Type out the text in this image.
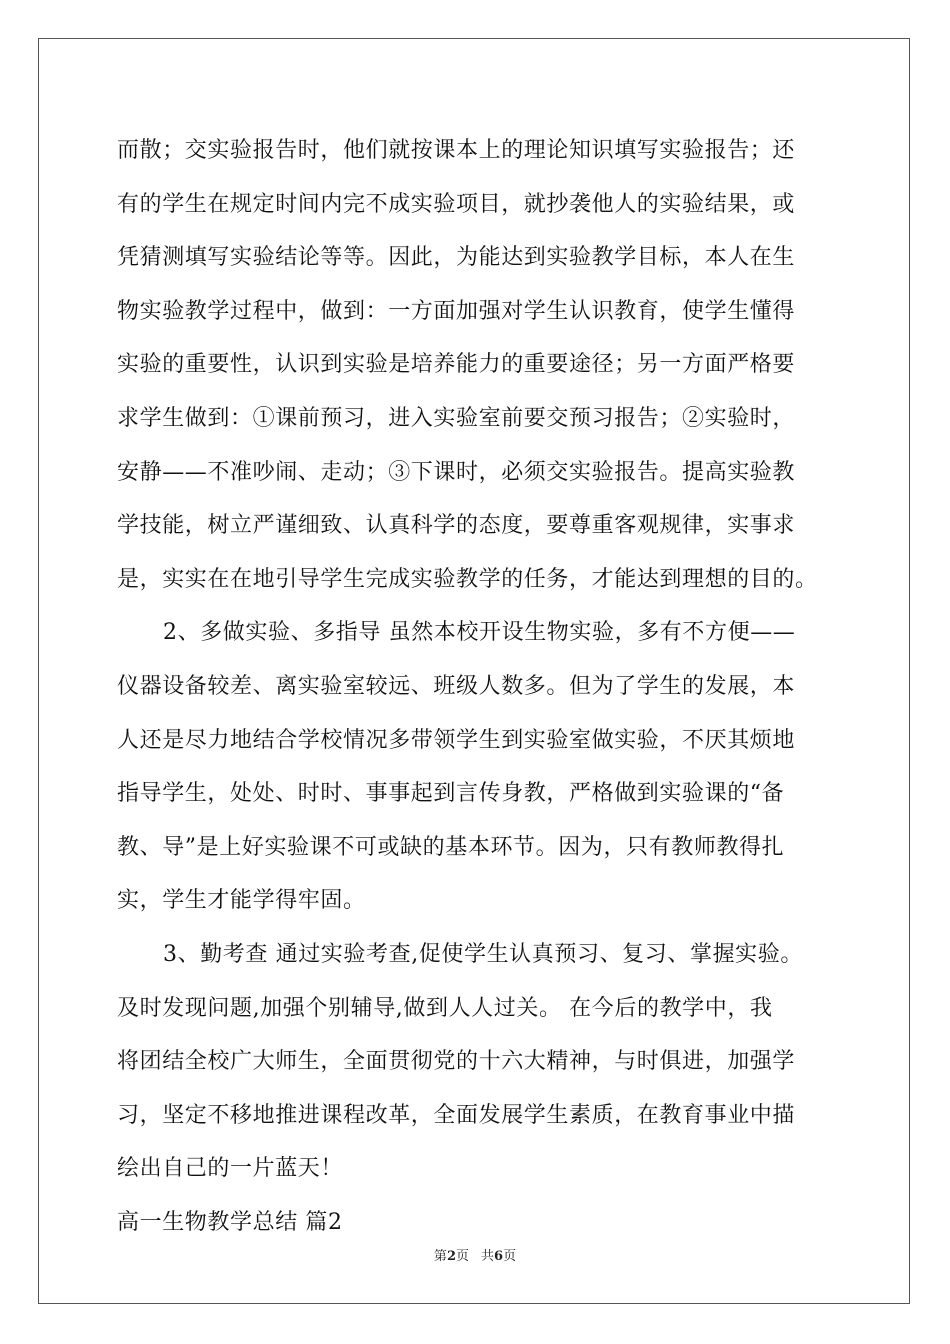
而散；交实验报告时，他们就按课本上的理论知识填写实验报告；还
有的学生在规定时间内完不成实验项目，就抄袭他人的实验结果，或
凭猜测填写实验结论等等。因此，为能达到实验教学目标，本人在生
物实验教学过程中，做到：一方面加强对学生认识教育，使学生懂得
实验的重要性，认识到实验是培养能力的重要途径；另一方面严格要
求学生做到：①课前预习，进入实验室前要交预习报告；②实验时，
安静——不准吵闹、走动；③下课时，必须交实验报告。提高实验教
学技能，树立严谨细致、认真科学的态度，要尊重客观规律，实事求
是，实实在在地引导学生完成实验教学的任务，才能达到理想的目的。
2、多做实验、多指导 虽然本校开设生物实验，多有不方便——
仪器设备较差、离实验室较远、班级人数多。但为了学生的发展，本
人还是尽力地结合学校情况多带领学生到实验室做实验，不厌其烦地
指导学生，处处、时时、事事起到言传身教，严格做到实验课的“备
教、导”是上好实验课不可或缺的基本环节。因为，只有教师教得扎
实，学生才能学得牢固。
3、勤考查 通过实验考查,促使学生认真预习、复习、掌握实验。
及时发现问题,加强个别辅导,做到人人过关。 在今后的教学中，我
将团结全校广大师生，全面贯彻党的十六大精神，与时俱进，加强学
习，坚定不移地推进课程改革，全面发展学生素质，在教育事业中描
绘出自己的一片蓝天！
高一生物教学总结 篇2
第2页 共6页
